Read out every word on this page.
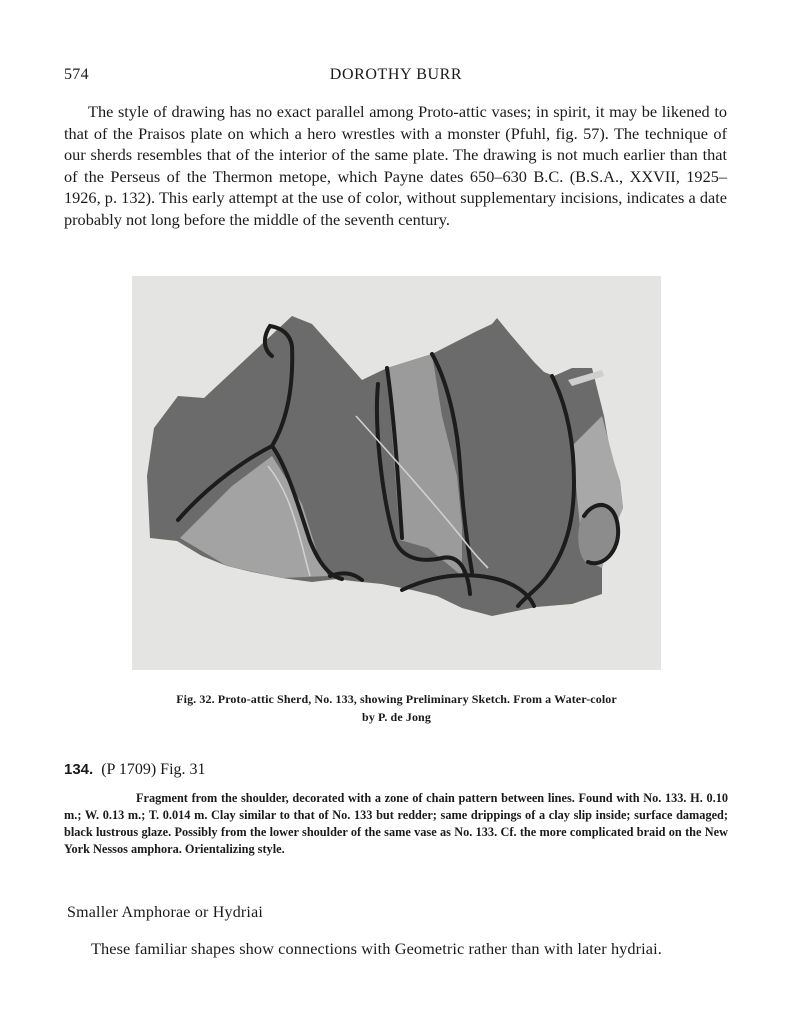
574	DOROTHY BURR

The style of drawing has no exact parallel among Proto-attic vases; in spirit, it may be likened to that of the Praisos plate on which a hero wrestles with a monster (Pfuhl, fig. 57). The technique of our sherds resembles that of the interior of the same plate. The drawing is not much earlier than that of the Perseus of the Thermon metope, which Payne dates 650–630 B.C. (B.S.A., XXVII, 1925–1926, p. 132). This early attempt at the use of color, without supplementary incisions, indicates a date probably not long before the middle of the seventh century.

Fig. 32. Proto-attic Sherd, No. 133, showing Preliminary Sketch. From a Water-color
by P. de Jong
134. (P 1709) Fig. 31

Fragment from the shoulder, decorated with a zone of chain pattern between lines. Found with No. 133. H. 0.10 m.; W. 0.13 m.; T. 0.014 m. Clay similar to that of No. 133 but redder; same drippings of a clay slip inside; surface damaged; black lustrous glaze. Possibly from the lower shoulder of the same vase as No. 133. Cf. the more complicated braid on the New York Nessos amphora. Orientalizing style.

Smaller Amphorae or Hydriai
These familiar shapes show connections with Geometric rather than with later hydriai.
